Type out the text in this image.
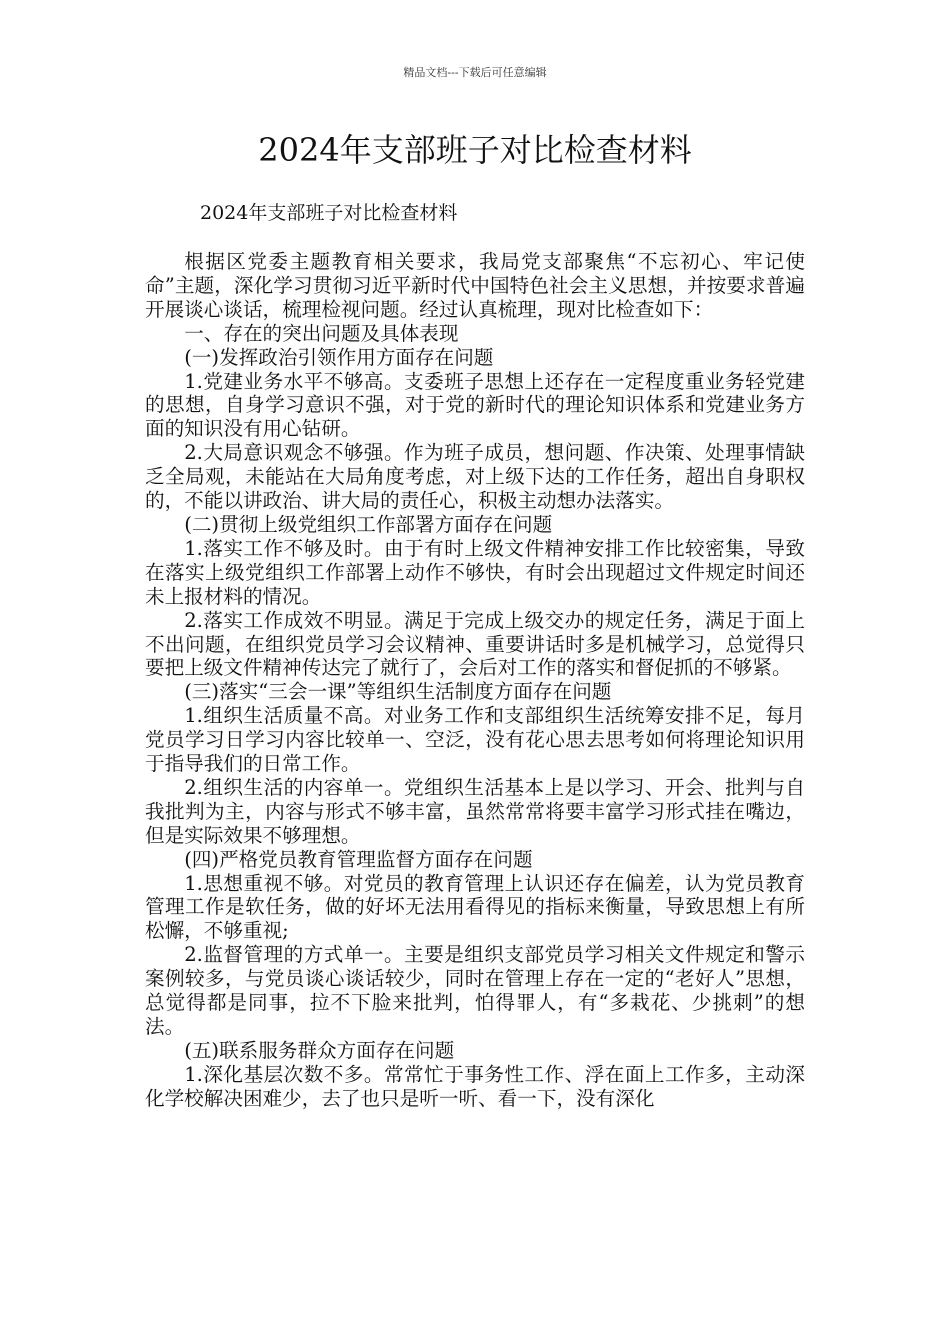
精品文档---下载后可任意编辑
2024年支部班子对比检查材料

2024年支部班子对比检查材料

根据区党委主题教育相关要求，我局党支部聚焦“不忘初心、牢记使命”主题，深化学习贯彻习近平新时代中国特色社会主义思想，并按要求普遍开展谈心谈话，梳理检视问题。经过认真梳理，现对比检查如下：

一、存在的突出问题及具体表现

(一)发挥政治引领作用方面存在问题

1.党建业务水平不够高。支委班子思想上还存在一定程度重业务轻党建的思想，自身学习意识不强，对于党的新时代的理论知识体系和党建业务方面的知识没有用心钻研。

2.大局意识观念不够强。作为班子成员，想问题、作决策、处理事情缺乏全局观，未能站在大局角度考虑，对上级下达的工作任务，超出自身职权的，不能以讲政治、讲大局的责任心，积极主动想办法落实。

(二)贯彻上级党组织工作部署方面存在问题

1.落实工作不够及时。由于有时上级文件精神安排工作比较密集，导致在落实上级党组织工作部署上动作不够快，有时会出现超过文件规定时间还未上报材料的情况。

2.落实工作成效不明显。满足于完成上级交办的规定任务，满足于面上不出问题，在组织党员学习会议精神、重要讲话时多是机械学习，总觉得只要把上级文件精神传达完了就行了，会后对工作的落实和督促抓的不够紧。

(三)落实“三会一课”等组织生活制度方面存在问题

1.组织生活质量不高。对业务工作和支部组织生活统筹安排不足，每月党员学习日学习内容比较单一、空泛，没有花心思去思考如何将理论知识用于指导我们的日常工作。

2.组织生活的内容单一。党组织生活基本上是以学习、开会、批判与自我批判为主，内容与形式不够丰富，虽然常常将要丰富学习形式挂在嘴边，但是实际效果不够理想。

(四)严格党员教育管理监督方面存在问题

1.思想重视不够。对党员的教育管理上认识还存在偏差，认为党员教育管理工作是软任务，做的好坏无法用看得见的指标来衡量，导致思想上有所松懈，不够重视;

2.监督管理的方式单一。主要是组织支部党员学习相关文件规定和警示案例较多，与党员谈心谈话较少，同时在管理上存在一定的“老好人”思想，总觉得都是同事，拉不下脸来批判，怕得罪人，有“多栽花、少挑刺”的想法。

(五)联系服务群众方面存在问题

1.深化基层次数不多。常常忙于事务性工作、浮在面上工作多，主动深化学校解决困难少，去了也只是听一听、看一下，没有深化
